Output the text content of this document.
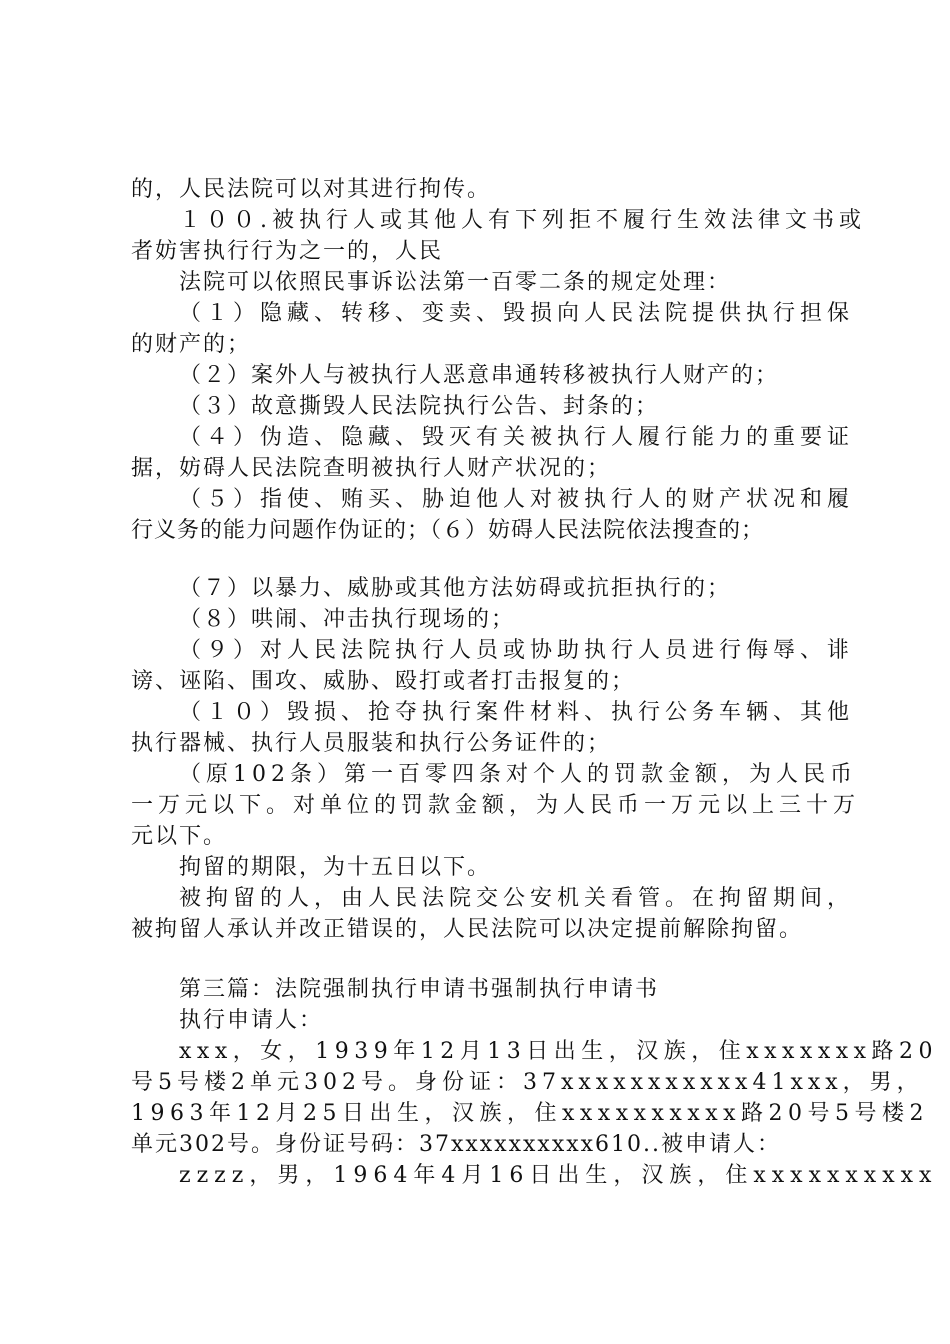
的，人民法院可以对其进行拘传。

１００.被执行人或其他人有下列拒不履行生效法律文书或

者妨害执行行为之一的，人民

法院可以依照民事诉讼法第一百零二条的规定处理：

（１）隐藏、转移、变卖、毁损向人民法院提供执行担保

的财产的；

（２）案外人与被执行人恶意串通转移被执行人财产的；

（３）故意撕毁人民法院执行公告、封条的；

（４）伪造、隐藏、毁灭有关被执行人履行能力的重要证

据，妨碍人民法院查明被执行人财产状况的；

（５）指使、贿买、胁迫他人对被执行人的财产状况和履

行义务的能力问题作伪证的；（６）妨碍人民法院依法搜查的；

（７）以暴力、威胁或其他方法妨碍或抗拒执行的；

（８）哄闹、冲击执行现场的；

（９）对人民法院执行人员或协助执行人员进行侮辱、诽

谤、诬陷、围攻、威胁、殴打或者打击报复的；

（１０）毁损、抢夺执行案件材料、执行公务车辆、其他

执行器械、执行人员服装和执行公务证件的；

（原102条）第一百零四条对个人的罚款金额，为人民币

一万元以下。对单位的罚款金额，为人民币一万元以上三十万

元以下。

拘留的期限，为十五日以下。

被拘留的人，由人民法院交公安机关看管。在拘留期间，

被拘留人承认并改正错误的，人民法院可以决定提前解除拘留。

第三篇：法院强制执行申请书强制执行申请书

执行申请人：

xxx，女，1939年12月13日出生，汉族，住xxxxxxx路20

号5号楼2单元302号。身份证：37xxxxxxxxxxx41xxx，男，

1963年12月25日出生，汉族，住xxxxxxxxxx路20号5号楼2

单元302号。身份证号码：37xxxxxxxxxx610..被申请人：

zzzz，男，1964年4月16日出生，汉族，住xxxxxxxxxx
